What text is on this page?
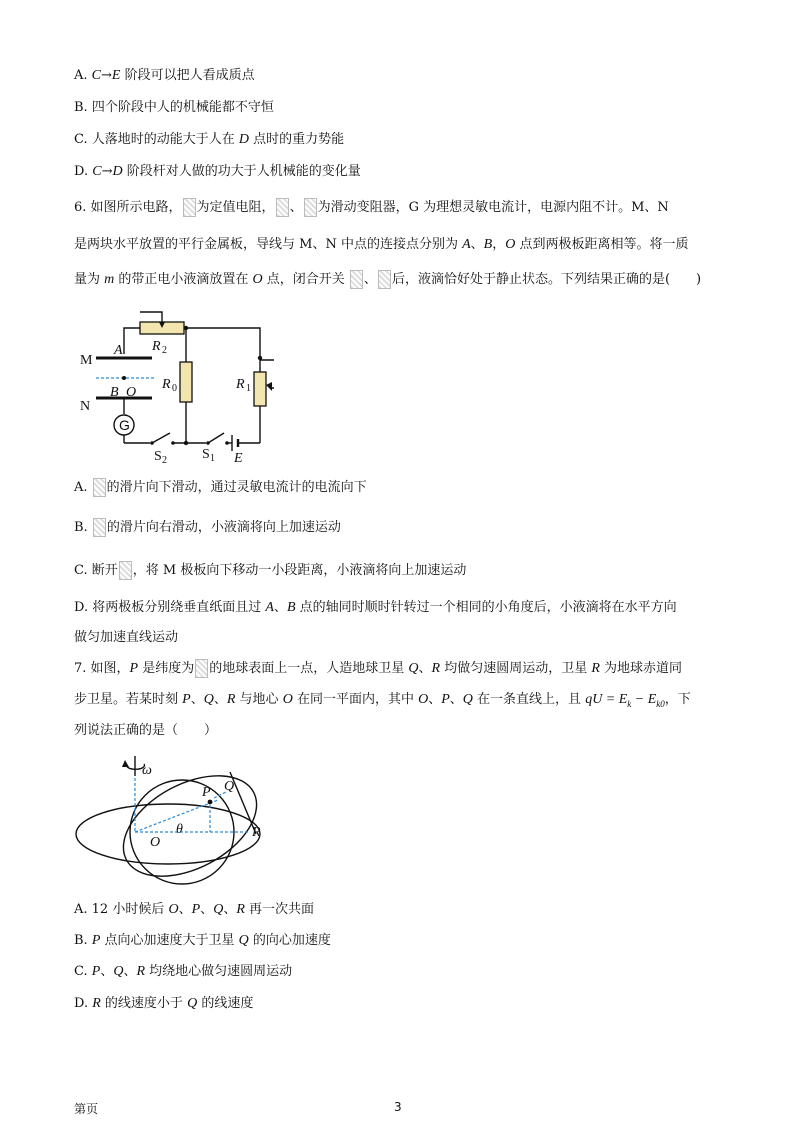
A. C→E 阶段可以把人看成质点
B. 四个阶段中人的机械能都不守恒
C. 人落地时的动能大于人在 D 点时的重力势能
D. C→D 阶段杆对人做的功大于人机械能的变化量
6. 如图所示电路， 为定值电阻， 、 为滑动变阻器，G 为理想灵敏电流计，电源内阻不计。M、N
是两块水平放置的平行金属板，导线与 M、N 中点的连接点分别为 A、B，O 点到两极板距离相等。将一质
量为 m 的带正电小液滴放置在 O 点，闭合开关 、 后，液滴恰好处于静止状态。下列结果正确的是(　　)
M
N
A
B O
R 2
R 0	R 1
G
S 2	S 1 E
A. 的滑片向下滑动，通过灵敏电流计的电流向下
B. 的滑片向右滑动，小液滴将向上加速运动
C. 断开 ，将 M 极板向下移动一小段距离，小液滴将向上加速运动
D. 将两极板分别绕垂直纸面且过 A、B 点的轴同时顺时针转过一个相同的小角度后，小液滴将在水平方向
做匀加速直线运动
7. 如图，P 是纬度为 的地球表面上一点，人造地球卫星 Q、R 均做匀速圆周运动，卫星 R 为地球赤道同
步卫星。若某时刻 P、Q、R 与地心 O 在同一平面内，其中 O、P、Q 在一条直线上，且 qU = $E_k - E_{k0}$，下
列说法正确的是（　　）
ω
P Q
O
θ	R
A. 12 小时候后 O、P、Q、R 再一次共面
B. P 点向心加速度大于卫星 Q 的向心加速度
C. P、Q、R 均绕地心做匀速圆周运动
D. R 的线速度小于 Q 的线速度
第页	3
